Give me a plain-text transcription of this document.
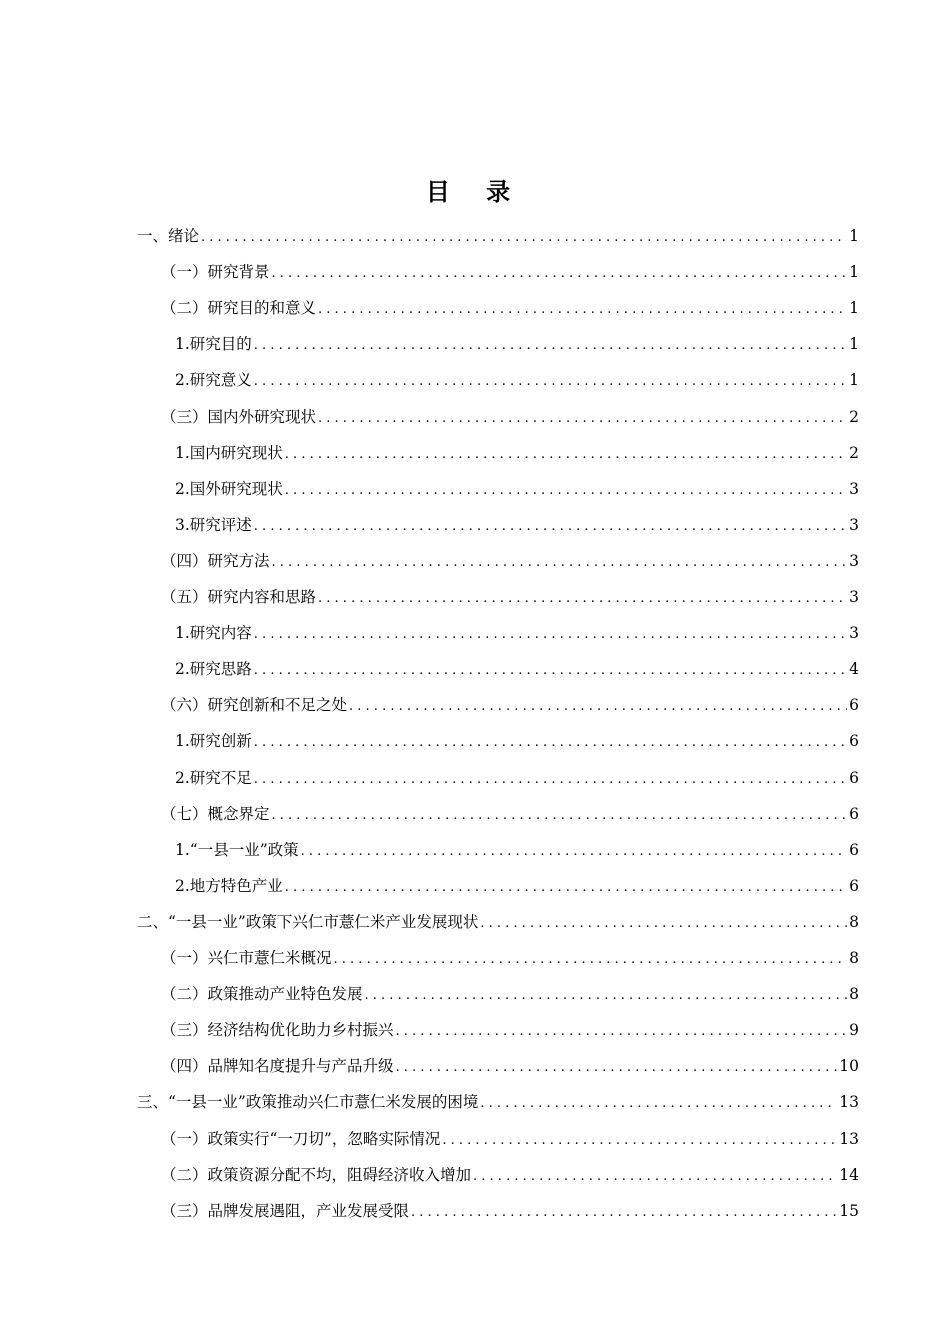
目 录
一、绪论 . . .	1
（一）研究背景 . . .	1
（二）研究目的和意义 . . .	1
1.研究目的 . . .	1
2.研究意义 . . .	1
（三）国内外研究现状 . . .	2
1.国内研究现状 . . .	2
2.国外研究现状 . . .	3
3.研究评述 . . .	3
（四）研究方法 . . .	3
（五）研究内容和思路 . . .	3
1.研究内容 . . .	3
2.研究思路 . . .	4
（六）研究创新和不足之处 . . .	6
1.研究创新 . . .	6
2.研究不足 . . .	6
（七）概念界定 . . .	6
1.“一县一业”政策 . . .	6
2.地方特色产业 . . .	6
二、“一县一业”政策下兴仁市薏仁米产业发展现状 . . .	8
（一）兴仁市薏仁米概况 . . .	8
（二）政策推动产业特色发展 . . .	8
（三）经济结构优化助力乡村振兴 . . .	9
（四）品牌知名度提升与产品升级 . . .	10
三、“一县一业”政策推动兴仁市薏仁米发展的困境 . . .	13
（一）政策实行“一刀切”，忽略实际情况 . . .	13
（二）政策资源分配不均，阻碍经济收入增加 . . .	14
（三）品牌发展遇阻，产业发展受限 . . .	15
